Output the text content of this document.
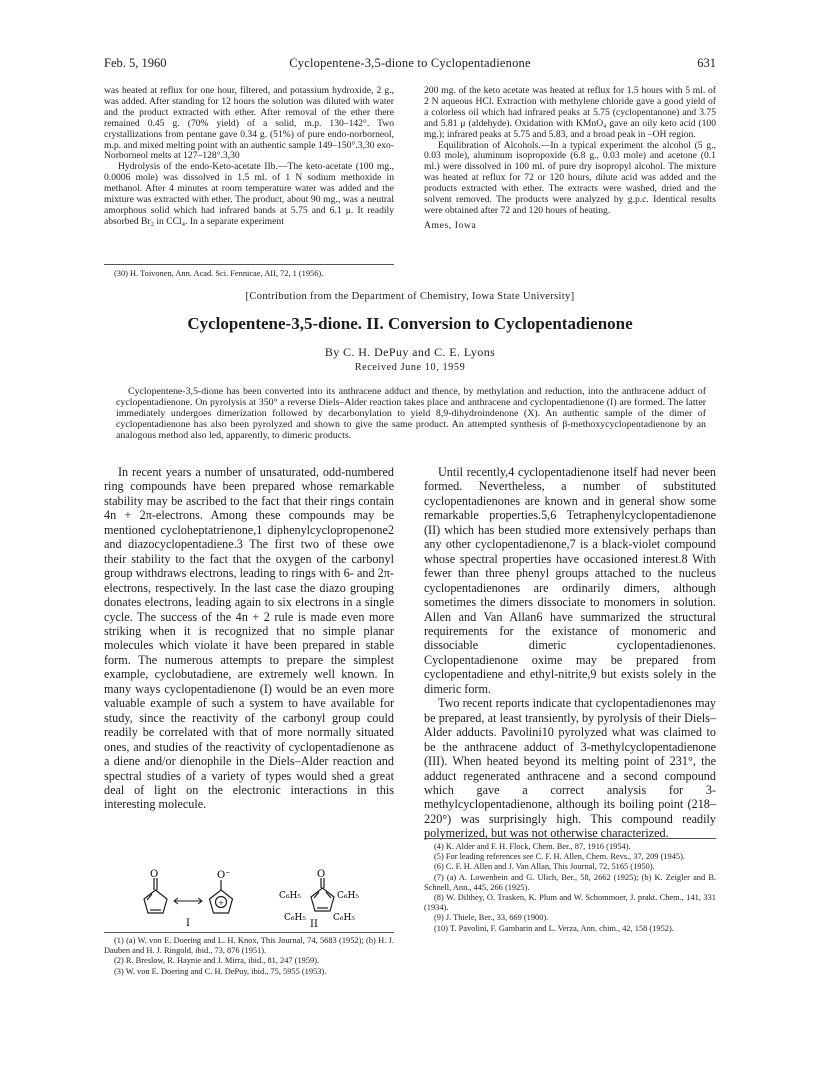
Feb. 5, 1960	Cyclopentene-3,5-dione to Cyclopentadienone	631

was heated at reflux for one hour, filtered, and potassium hydroxide, 2 g., was added. After standing for 12 hours the solution was diluted with water and the product extracted with ether. After removal of the ether there remained 0.45 g. (70% yield) of a solid, m.p. 130–142°. Two crystallizations from pentane gave 0.34 g. (51%) of pure endo-norborneol, m.p. and mixed melting point with an authentic sample 149–150°.3,30 exo-Norborneol melts at 127–128°.3,30

Hydrolysis of the endo-Keto-acetate IIb.—The keto-acetate (100 mg., 0.0006 mole) was dissolved in 1.5 ml. of 1 N sodium methoxide in methanol. After 4 minutes at room temperature water was added and the mixture was extracted with ether. The product, about 90 mg., was a neutral amorphous solid which had infrared bands at 5.75 and 6.1 μ. It readily absorbed Br₂ in CCl₄. In a separate experiment

(30) H. Toivonen, Ann. Acad. Sci. Fennicae, AII, 72, 1 (1956).

200 mg. of the keto acetate was heated at reflux for 1.5 hours with 5 ml. of 2 N aqueous HCl. Extraction with methylene chloride gave a good yield of a colorless oil which had infrared peaks at 5.75 (cyclopentanone) and 3.75 and 5.81 μ (aldehyde). Oxidation with KMnO₄ gave an oily keto acid (100 mg.); infrared peaks at 5.75 and 5.83, and a broad peak in –OH region.

Equilibration of Alcohols.—In a typical experiment the alcohol (5 g., 0.03 mole), aluminum isopropoxide (6.8 g., 0.03 mole) and acetone (0.1 ml.) were dissolved in 100 ml. of pure dry isopropyl alcohol. The mixture was heated at reflux for 72 or 120 hours, dilute acid was added and the products extracted with ether. The extracts were washed, dried and the solvent removed. The products were analyzed by g.p.c. Identical results were obtained after 72 and 120 hours of heating.

Ames, Iowa

[Contribution from the Department of Chemistry, Iowa State University]
Cyclopentene-3,5-dione. II. Conversion to Cyclopentadienone
By C. H. DePuy and C. E. Lyons
Received June 10, 1959
Cyclopentene-3,5-dione has been converted into its anthracene adduct and thence, by methylation and reduction, into the anthracene adduct of cyclopentadienone. On pyrolysis at 350° a reverse Diels–Alder reaction takes place and anthracene and cyclopentadienone (I) are formed. The latter immediately undergoes dimerization followed by decarbonylation to yield 8,9-dihydroindenone (X). An authentic sample of the dimer of cyclopentadienone has also been pyrolyzed and shown to give the same product. An attempted synthesis of β-methoxycyclopentadienone by an analogous method also led, apparently, to dimeric products.

In recent years a number of unsaturated, odd-numbered ring compounds have been prepared whose remarkable stability may be ascribed to the fact that their rings contain 4n + 2π-electrons. Among these compounds may be mentioned cycloheptatrienone,1 diphenylcyclopropenone2 and diazocyclopentadiene.3 The first two of these owe their stability to the fact that the oxygen of the carbonyl group withdraws electrons, leading to rings with 6- and 2π-electrons, respectively. In the last case the diazo grouping donates electrons, leading again to six electrons in a single cycle. The success of the 4n + 2 rule is made even more striking when it is recognized that no simple planar molecules which violate it have been prepared in stable form. The numerous attempts to prepare the simplest example, cyclobutadiene, are extremely well known. In many ways cyclopentadienone (I) would be an even more valuable example of such a system to have available for study, since the reactivity of the carbonyl group could readily be correlated with that of more normally situated ones, and studies of the reactivity of cyclopentadienone as a diene and/or dienophile in the Diels–Alder reaction and spectral studies of a variety of types would shed a great deal of light on the electronic interactions in this interesting molecule.

Until recently,4 cyclopentadienone itself had never been formed. Nevertheless, a number of substituted cyclopentadienones are known and in general show some remarkable properties.5,6 Tetraphenylcyclopentadienone (II) which has been studied more extensively perhaps than any other cyclopentadienone,7 is a black-violet compound whose spectral properties have occasioned interest.8 With fewer than three phenyl groups attached to the nucleus cyclopentadienones are ordinarily dimers, although sometimes the dimers dissociate to monomers in solution. Allen and Van Allan6 have summarized the structural requirements for the existance of monomeric and dissociable dimeric cyclopentadienones. Cyclopentadienone oxime may be prepared from cyclopentadiene and ethyl-nitrite,9 but exists solely in the dimeric form.

Two recent reports indicate that cyclopentadienones may be prepared, at least transiently, by pyrolysis of their Diels–Alder adducts. Pavolini10 pyrolyzed what was claimed to be the anthracene adduct of 3-methylcyclopentadienone (III). When heated beyond its melting point of 231°, the adduct regenerated anthracene and a second compound which gave a correct analysis for 3-methylcyclopentadienone, although its boiling point (218–220°) was surprisingly high. This compound readily polymerized, but was not otherwise characterized.

O
+
O⁻
I
O
C₆H₅	C₆H₅
C₆H₅	C₆H₅
II

(1) (a) W. von E. Doering and L. H. Knox, This Journal, 74, 5683 (1952); (b) H. J. Dauben and H. J. Ringold, ibid., 73, 876 (1951).

(2) R. Breslow, R. Haynie and J. Mirra, ibid., 81, 247 (1959).

(3) W. von E. Doering and C. H. DePuy, ibid., 75, 5955 (1953).

(4) K. Alder and F. H. Flock, Chem. Ber., 87, 1916 (1954).

(5) For leading references see C. F. H. Allen, Chem. Revs., 37, 209 (1945).

(6) C. F. H. Allen and J. Van Allan, This Journal, 72, 5165 (1950).

(7) (a) A. Lowenbein and G. Ulich, Ber., 58, 2662 (1925); (b) K. Zeigler and B. Schnell, Ann., 445, 266 (1925).

(8) W. Dilthey, O. Trasken, K. Plum and W. Schommoer, J. prakt. Chem., 141, 331 (1934).

(9) J. Thiele, Ber., 33, 669 (1900).

(10) T. Pavolini, F. Gambarin and L. Verza, Ann. chim., 42, 158 (1952).
